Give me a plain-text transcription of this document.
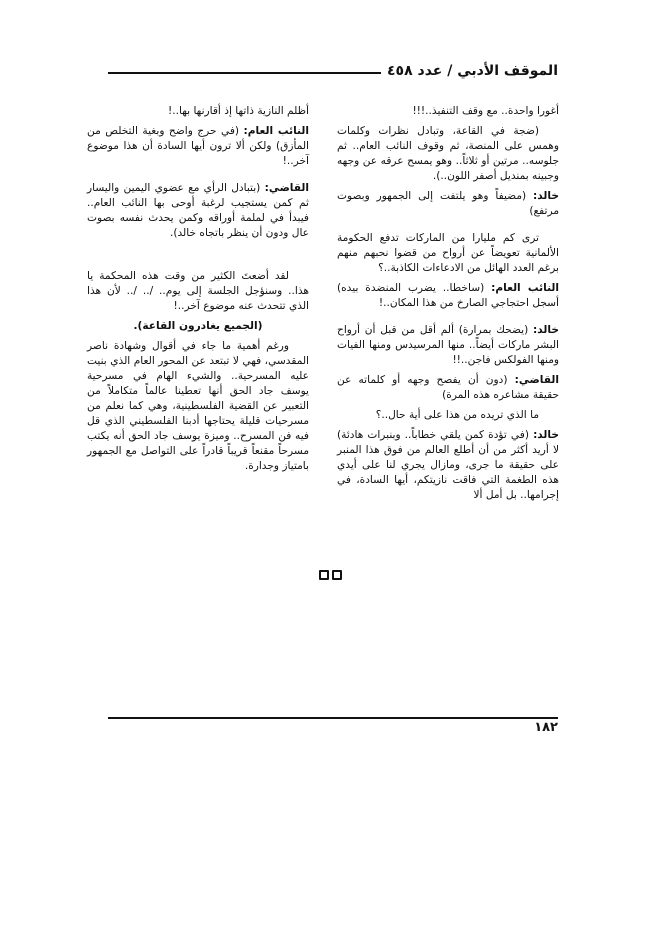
الموقف الأدبي / عدد ٤٥٨

أغورا واحدة.. مع وقف التنفيذ..!!!

(ضجة في القاعة، وتبادل نظرات وكلمات وهمس على المنصة، ثم وقوف النائب العام.. ثم جلوسه.. مرتين أو ثلاثاً.. وهو يمسح عرقه عن وجهه وجبينه بمنديل أصفر اللون..).

خالد: (مضيفاً وهو يلتفت إلى الجمهور وبصوت مرتفع)

ترى كم مليارا من الماركات تدفع الحكومة الألمانية تعويضاً عن أرواح من قضوا نحبهم منهم برغم العدد الهائل من الادعاءات الكاذبة..؟

النائب العام: (ساخطا.. يضرب المنضدة بيده) أسجل احتجاجي الصارخ من هذا المكان..!

خالد: (يضحك بمرارة) ألم أقل من قبل أن أرواح البشر ماركات أيضاً.. منها المرسيدس ومنها الفيات ومنها الفولكس فاجن..!!

القاضي: (دون أن يفصح وجهه أو كلماته عن حقيقة مشاعره هذه المرة)

ما الذي تريده من هذا على أية حال..؟

خالد: (في تؤدة كمن يلقي خطاباً.. وبنبرات هادئة) لا أريد أكثر من أن أطلع العالم من فوق هذا المنبر على حقيقة ما جرى، ومازال يجري لنا على أيدي هذه الطغمة التي فاقت نازيتكم، أيها السادة، في إجرامها.. بل أمل ألا

أظلم النازية ذاتها إذ أقارنها بها..!

النائب العام: (في حرج واضح وبغية التخلص من المأزق) ولكن ألا ترون أيها السادة أن هذا موضوع آخر..!

القاضي: (بتبادل الرأي مع عضوي اليمين واليسار ثم كمن يستجيب لرغبة أوحى بها النائب العام.. فيبدأ في لملمة أوراقه وكمن يحدث نفسه بصوت عال ودون أن ينظر باتجاه خالد).

لقد أضعتَ الكثير من وقت هذه المحكمة يا هذا.. وسنؤجل الجلسة إلى يوم.. /.. /.. لأن هذا الذي تتحدث عنه موضوع آخر..!

(الجميع يغادرون القاعة).

ورغم أهمية ما جاء في أقوال وشهادة ناصر المقدسي، فهي لا تبتعد عن المحور العام الذي بنيت عليه المسرحية.. والشيء الهام في مسرحية يوسف جاد الحق أنها تعطينا عالماً متكاملاً من التعبير عن القضية الفلسطينية، وهي كما نعلم من مسرحيات قليلة يحتاجها أدبنا الفلسطيني الذي قل فيه فن المسرح.. وميزة يوسف جاد الحق أنه يكتب مسرحاً مقنعاً قريباً قادراً على التواصل مع الجمهور بامتياز وجدارة.

١٨٢
